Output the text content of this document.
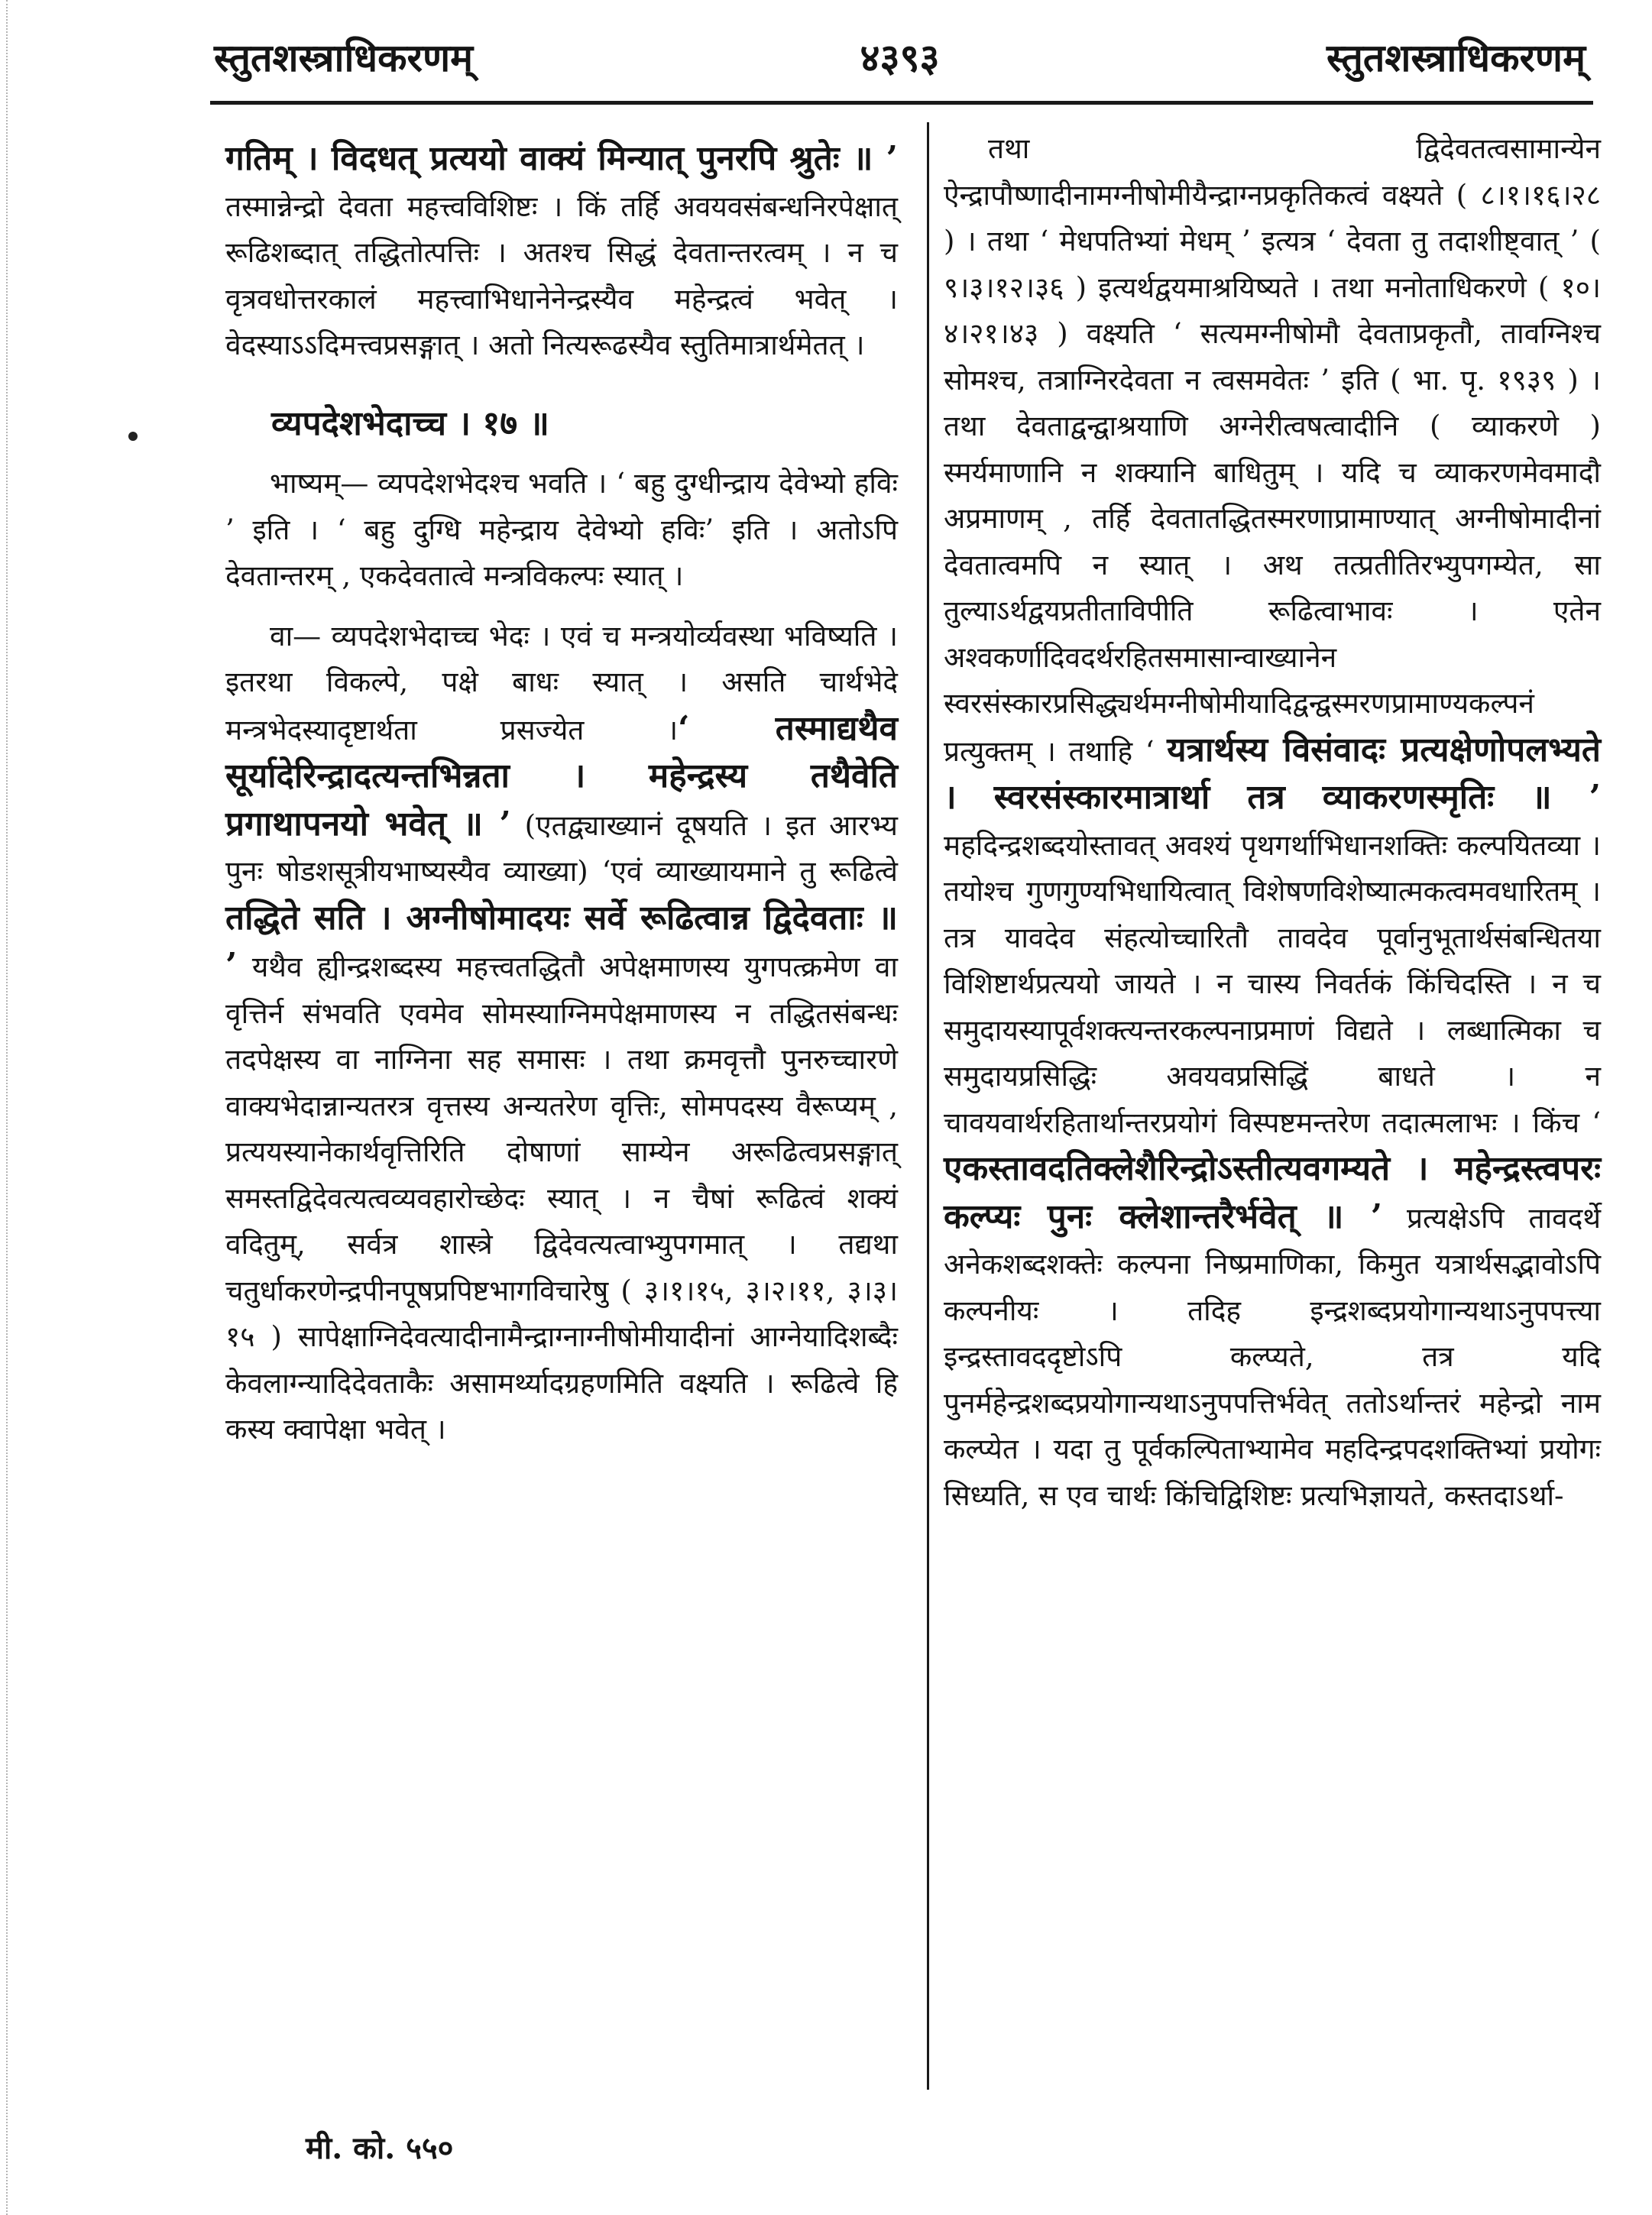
स्तुतशस्त्राधिकरणम्	४३९३	स्तुतशस्त्राधिकरणम्

गतिम् । विदधत् प्रत्ययो वाक्यं मिन्यात् पुनरपि श्रुतेः ॥ ’ तस्मान्नेन्द्रो देवता महत्त्वविशिष्टः । किं तर्हि अवयवसंबन्धनिरपेक्षात् रूढिशब्दात् तद्धितोत्पत्तिः । अतश्च सिद्धं देवतान्तरत्वम् । न च वृत्रवधोत्तरकालं महत्त्वाभिधानेनेन्द्रस्यैव महेन्द्रत्वं भवेत् । वेदस्याऽऽदिमत्त्वप्रसङ्गात् । अतो नित्यरूढस्यैव स्तुतिमात्रार्थमेतत् ।

व्यपदेशभेदाच्च । १७ ॥

भाष्यम्— व्यपदेशभेदश्च भवति । ‘ बहु दुग्धीन्द्राय देवेभ्यो हविः ’ इति । ‘ बहु दुग्धि महेन्द्राय देवेभ्यो हविः’ इति । अतोऽपि देवतान्तरम् , एकदेवतात्वे मन्त्रविकल्पः स्यात् ।

वा— व्यपदेशभेदाच्च भेदः । एवं च मन्त्रयोर्व्यवस्था भविष्यति । इतरथा विकल्पे, पक्षे बाधः स्यात् । असति चार्थभेदे मन्त्रभेदस्यादृष्टार्थता प्रसज्येत ।‘ तस्माद्यथैव सूर्यादेरिन्द्रादत्यन्तभिन्नता । महेन्द्रस्य तथैवेति प्रगाथापनयो भवेत् ॥ ’ (एतद्व्याख्यानं दूषयति । इत आरभ्य पुनः षोडशसूत्रीयभाष्यस्यैव व्याख्या) ‘एवं व्याख्यायमाने तु रूढित्वे तद्धिते सति । अग्नीषोमादयः सर्वे रूढित्वान्न द्विदेवताः ॥ ’ यथैव ह्यीन्द्रशब्दस्य महत्त्वतद्धितौ अपेक्षमाणस्य युगपत्क्रमेण वा वृत्तिर्न संभवति एवमेव सोमस्याग्निमपेक्षमाणस्य न तद्धितसंबन्धः तदपेक्षस्य वा नाग्निना सह समासः । तथा क्रमवृत्तौ पुनरुच्चारणे वाक्यभेदान्नान्यतरत्र वृत्तस्य अन्यतरेण वृत्तिः, सोमपदस्य वैरूप्यम् , प्रत्ययस्यानेकार्थवृत्तिरिति दोषाणां साम्येन अरूढित्वप्रसङ्गात् समस्तद्विदेवत्यत्वव्यवहारोच्छेदः स्यात् । न चैषां रूढित्वं शक्यं वदितुम्, सर्वत्र शास्त्रे द्विदेवत्यत्वाभ्युपगमात् । तद्यथा चतुर्धाकरणेन्द्रपीनपूषप्रपिष्टभागविचारेषु ( ३।१।१५, ३।२।११, ३।३।१५ ) सापेक्षाग्निदेवत्यादीनामैन्द्राग्नाग्नीषोमीयादीनां आग्नेयादिशब्दैः केवलाग्न्यादिदेवताकैः असामर्थ्यादग्रहणमिति वक्ष्यति । रूढित्वे हि कस्य क्वापेक्षा भवेत् ।

तथा द्विदेवतत्वसामान्येन ऐन्द्रापौष्णादीनामग्नीषोमीयैन्द्राग्नप्रकृतिकत्वं वक्ष्यते ( ८।१।१६।२८ ) । तथा ‘ मेधपतिभ्यां मेधम् ’ इत्यत्र ‘ देवता तु तदाशीष्ट्वात् ’ ( ९।३।१२।३६ ) इत्यर्थद्वयमाश्रयिष्यते । तथा मनोताधिकरणे ( १०।४।२१।४३ ) वक्ष्यति ‘ सत्यमग्नीषोमौ देवताप्रकृतौ, तावग्निश्च सोमश्च, तत्राग्निरदेवता न त्वसमवेतः ’ इति ( भा. पृ. १९३९ ) । तथा देवताद्वन्द्वाश्रयाणि अग्नेरीत्वषत्वादीनि ( व्याकरणे ) स्मर्यमाणानि न शक्यानि बाधितुम् । यदि च व्याकरणमेवमादौ अप्रमाणम् , तर्हि देवतातद्धितस्मरणाप्रामाण्यात् अग्नीषोमादीनां देवतात्वमपि न स्यात् । अथ तत्प्रतीतिरभ्युपगम्येत, सा तुल्याऽर्थद्वयप्रतीताविपीति रूढित्वाभावः । एतेन अश्वकर्णादिवदर्थरहितसमासान्वाख्यानेन स्वरसंस्कारप्रसिद्ध्यर्थमग्नीषोमीयादिद्वन्द्वस्मरणप्रामाण्यकल्पनं प्रत्युक्तम् । तथाहि ‘ यत्रार्थस्य विसंवादः प्रत्यक्षेणोपलभ्यते । स्वरसंस्कारमात्रार्था तत्र व्याकरणस्मृतिः ॥ ’ महदिन्द्रशब्दयोस्तावत् अवश्यं पृथगर्थाभिधानशक्तिः कल्पयितव्या । तयोश्च गुणगुण्यभिधायित्वात् विशेषणविशेष्यात्मकत्वमवधारितम् । तत्र यावदेव संहत्योच्चारितौ तावदेव पूर्वानुभूतार्थसंबन्धितया विशिष्टार्थप्रत्ययो जायते । न चास्य निवर्तकं किंचिदस्ति । न च समुदायस्यापूर्वशक्त्यन्तरकल्पनाप्रमाणं विद्यते । लब्धात्मिका च समुदायप्रसिद्धिः अवयवप्रसिद्धिं बाधते । न चावयवार्थरहितार्थान्तरप्रयोगं विस्पष्टमन्तरेण तदात्मलाभः । किंच ‘ एकस्तावदतिक्लेशैरिन्द्रोऽस्तीत्यवगम्यते । महेन्द्रस्त्वपरः कल्प्यः पुनः क्लेशान्तरैर्भवेत् ॥ ’ प्रत्यक्षेऽपि तावदर्थे अनेकशब्दशक्तेः कल्पना निष्प्रमाणिका, किमुत यत्रार्थसद्भावोऽपि कल्पनीयः । तदिह इन्द्रशब्दप्रयोगान्यथाऽनुपपत्त्या इन्द्रस्तावददृष्टोऽपि कल्प्यते, तत्र यदि पुनर्महेन्द्रशब्दप्रयोगान्यथाऽनुपपत्तिर्भवेत् ततोऽर्थान्तरं महेन्द्रो नाम कल्प्येत । यदा तु पूर्वकल्पिताभ्यामेव महदिन्द्रपदशक्तिभ्यां प्रयोगः सिध्यति, स एव चार्थः किंचिद्विशिष्टः प्रत्यभिज्ञायते, कस्तदाऽर्था-

मी. को. ५५०
